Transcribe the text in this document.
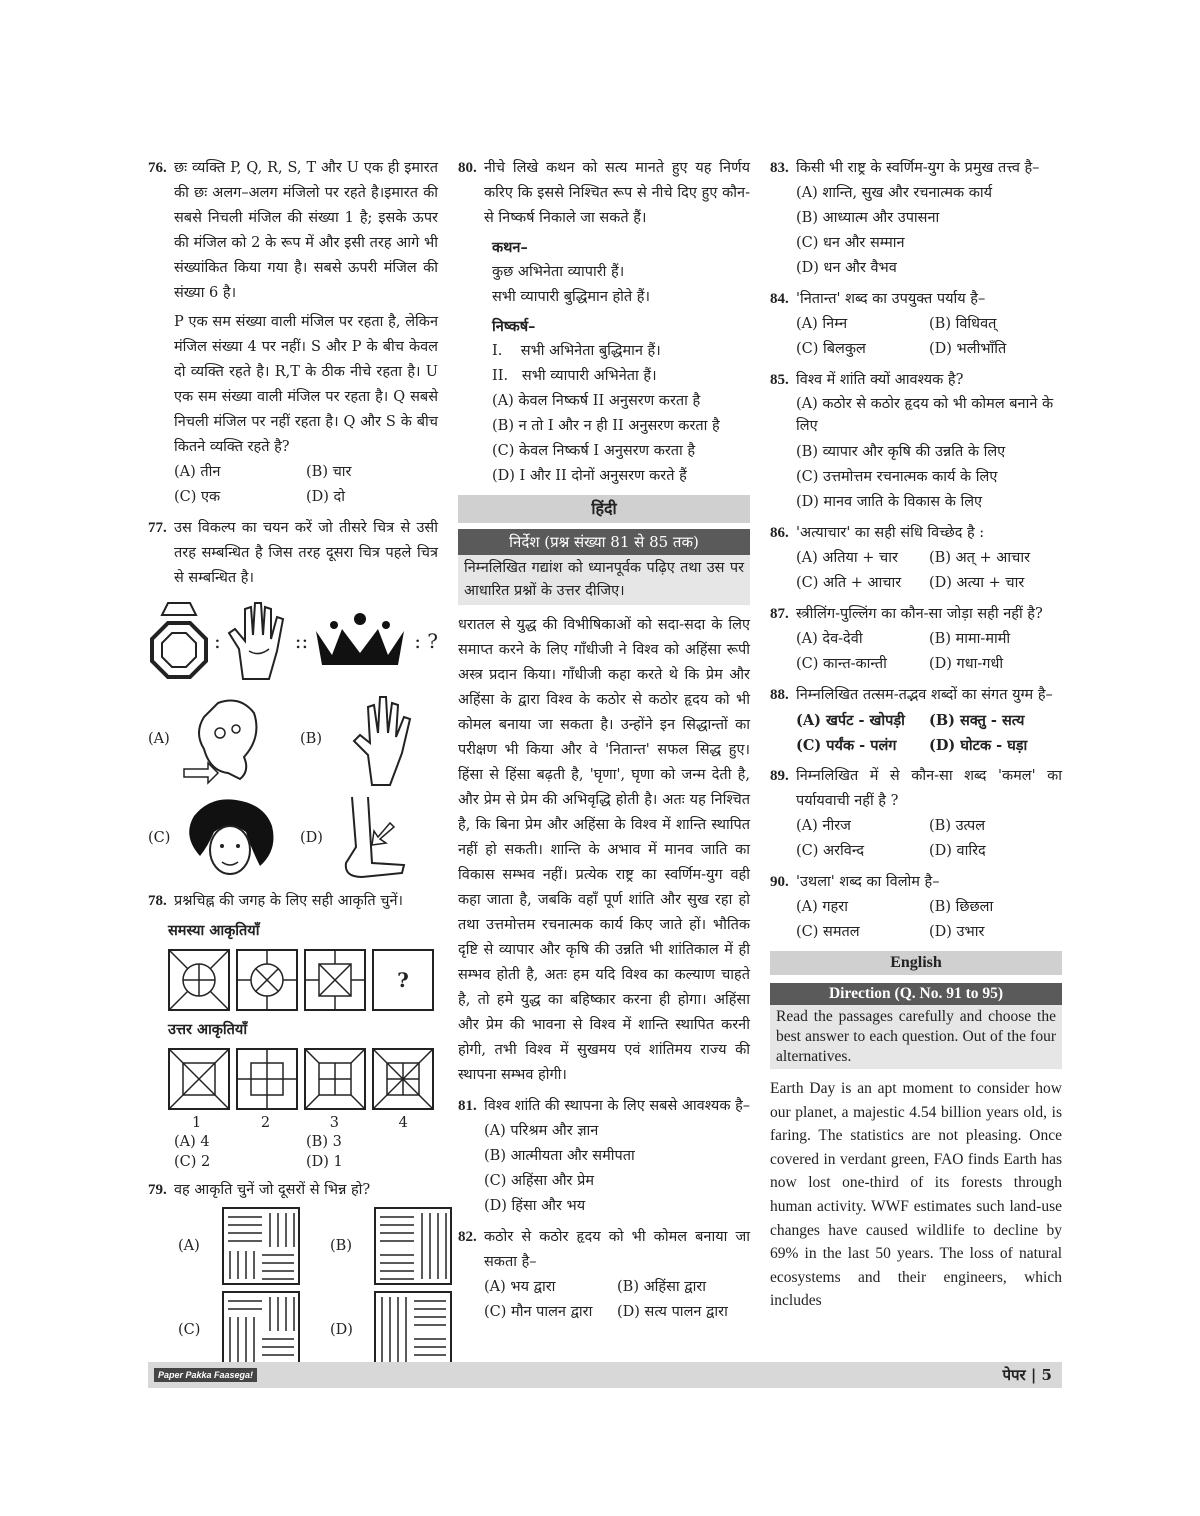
76. छः व्यक्ति P, Q, R, S, T और U एक ही इमारत की छः अलग–अलग मंजिलो पर रहते है।इमारत की सबसे निचली मंजिल की संख्या 1 है; इसके ऊपर की मंजिल को 2 के रूप में और इसी तरह आगे भी संख्यांकित किया गया है। सबसे ऊपरी मंजिल की संख्या 6 है।
P एक सम संख्या वाली मंजिल पर रहता है, लेकिन मंजिल संख्या 4 पर नहीं। S और P के बीच केवल दो व्यक्ति रहते है। R,T के ठीक नीचे रहता है। U एक सम संख्या वाली मंजिल पर रहता है। Q सबसे निचली मंजिल पर नहीं रहता है। Q और S के बीच कितने व्यक्ति रहते है?
(A) तीन	(B) चार
(C) एक	(D) दो
77. उस विकल्प का चयन करें जो तीसरे चित्र से उसी तरह सम्बन्धित है जिस तरह दूसरा चित्र पहले चित्र से सम्बन्धित है।
:	::	: ?
(A)	(B)
(C)	(D)
78. प्रश्नचिह्न की जगह के लिए सही आकृति चुनें।
समस्या आकृतियाँ
?
उत्तर आकृतियाँ
1	2	3	4
(A) 4	(B) 3
(C) 2	(D) 1
79. वह आकृति चुनें जो दूसरों से भिन्न हो?
(A)	(B)
(C)	(D)
80. नीचे लिखे कथन को सत्य मानते हुए यह निर्णय करिए कि इससे निश्चित रूप से नीचे दिए हुए कौन-से निष्कर्ष निकाले जा सकते हैं।
कथन–
कुछ अभिनेता व्यापारी हैं।
सभी व्यापारी बुद्धिमान होते हैं।
निष्कर्ष–
I.    सभी अभिनेता बुद्धिमान हैं।
II.   सभी व्यापारी अभिनेता हैं।
(A) केवल निष्कर्ष II अनुसरण करता है
(B) न तो I और न ही II अनुसरण करता है
(C) केवल निष्कर्ष I अनुसरण करता है
(D) I और II दोनों अनुसरण करते हैं
हिंदी
निर्देश (प्रश्न संख्या 81 से 85 तक)
निम्नलिखित गद्यांश को ध्यानपूर्वक पढ़िए तथा उस पर आधारित प्रश्नों के उत्तर दीजिए।
धरातल से युद्ध की विभीषिकाओं को सदा-सदा के लिए समाप्त करने के लिए गाँधीजी ने विश्व को अहिंसा रूपी अस्त्र प्रदान किया। गाँधीजी कहा करते थे कि प्रेम और अहिंसा के द्वारा विश्व के कठोर से कठोर हृदय को भी कोमल बनाया जा सकता है। उन्होंने इन सिद्धान्तों का परीक्षण भी किया और वे 'नितान्त' सफल सिद्ध हुए। हिंसा से हिंसा बढ़ती है, 'घृणा', घृणा को जन्म देती है, और प्रेम से प्रेम की अभिवृद्धि होती है। अतः यह निश्चित है, कि बिना प्रेम और अहिंसा के विश्व में शान्ति स्थापित नहीं हो सकती। शान्ति के अभाव में मानव जाति का विकास सम्भव नहीं। प्रत्येक राष्ट्र का स्वर्णिम-युग वही कहा जाता है, जबकि वहाँ पूर्ण शांति और सुख रहा हो तथा उत्तमोत्तम रचनात्मक कार्य किए जाते हों। भौतिक दृष्टि से व्यापार और कृषि की उन्नति भी शांतिकाल में ही सम्भव होती है, अतः हम यदि विश्व का कल्याण चाहते है, तो हमे युद्ध का बहिष्कार करना ही होगा। अहिंसा और प्रेम की भावना से विश्व में शान्ति स्थापित करनी होगी, तभी विश्व में सुखमय एवं शांतिमय राज्य की स्थापना सम्भव होगी।
81. विश्व शांति की स्थापना के लिए सबसे आवश्यक है–
(A) परिश्रम और ज्ञान
(B) आत्मीयता और समीपता
(C) अहिंसा और प्रेम
(D) हिंसा और भय
82. कठोर से कठोर हृदय को भी कोमल बनाया जा सकता है–
(A) भय द्वारा	(B) अहिंसा द्वारा
(C) मौन पालन द्वारा	(D) सत्य पालन द्वारा
83. किसी भी राष्ट्र के स्वर्णिम-युग के प्रमुख तत्त्व है–
(A) शान्ति, सुख और रचनात्मक कार्य
(B) आध्यात्म और उपासना
(C) धन और सम्मान
(D) धन और वैभव
84. 'नितान्त' शब्द का उपयुक्त पर्याय है–
(A) निम्न	(B) विधिवत्
(C) बिलकुल	(D) भलीभाँति
85. विश्व में शांति क्यों आवश्यक है?
(A) कठोर से कठोर हृदय को भी कोमल बनाने के लिए
(B) व्यापार और कृषि की उन्नति के लिए
(C) उत्तमोत्तम रचनात्मक कार्य के लिए
(D) मानव जाति के विकास के लिए
86. 'अत्याचार' का सही संधि विच्छेद है :
(A) अतिया + चार	(B) अत् + आचार
(C) अति + आचार	(D) अत्या + चार
87. स्त्रीलिंग-पुल्लिंग का कौन-सा जोड़ा सही नहीं है?
(A) देव-देवी	(B) मामा-मामी
(C) कान्त-कान्ती	(D) गधा-गधी
88. निम्नलिखित तत्सम-तद्भव शब्दों का संगत युग्म है–
(A) खर्पट - खोपड़ी	(B) सक्तु - सत्य
(C) पर्यंक - पलंग	(D) घोटक - घड़ा
89. निम्नलिखित में से कौन-सा शब्द 'कमल' का पर्यायवाची नहीं है ?
(A) नीरज	(B) उत्पल
(C) अरविन्द	(D) वारिद
90. 'उथला' शब्द का विलोम है–
(A) गहरा	(B) छिछला
(C) समतल	(D) उभार
English
Direction (Q. No. 91 to 95)
Read the passages carefully and choose the best answer to each question. Out of the four alternatives.
Earth Day is an apt moment to consider how our planet, a majestic 4.54 billion years old, is faring. The statistics are not pleasing. Once covered in verdant green, FAO finds Earth has now lost one-third of its forests through human activity. WWF estimates such land-use changes have caused wildlife to decline by 69% in the last 50 years. The loss of natural ecosystems and their engineers, which includes
Paper Pakka Faasega!	पेपर | 5
